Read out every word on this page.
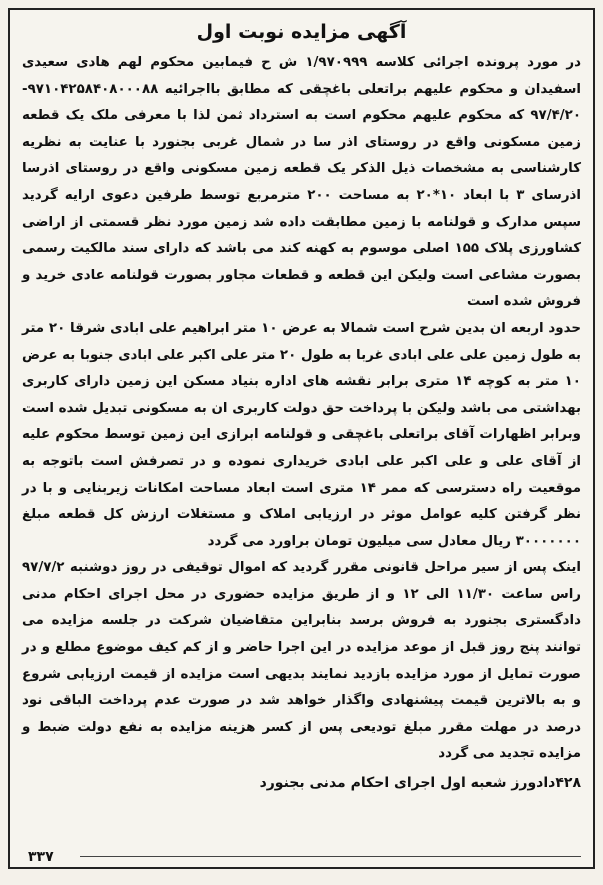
آگهی مزایده نوبت اول

در مورد پرونده اجرائی کلاسه ۱/۹۷۰۹۹۹ ش ح فیمابین محکوم لهم هادی سعیدی اسفیدان و محکوم علیهم براتعلی باغچقی که مطابق بااجرائیه ۹۷۱۰۴۲۵۸۴۰۸۰۰۰۸۸- ۹۷/۴/۲۰ که محکوم علیهم محکوم است به استرداد ثمن لذا با معرفی ملک یک قطعه زمین مسکونی واقع در روستای اذر سا در شمال غربی بجنورد با عنایت به نظریه کارشناسی به مشخصات ذیل الذکر یک قطعه زمین مسکونی واقع در روستای اذرسا اذرسای ۳ با ابعاد ۱۰*۲۰ به مساحت ۲۰۰ مترمربع توسط طرفین دعوی ارایه گردید سپس مدارک و قولنامه با زمین مطابقت داده شد زمین مورد نظر قسمتی از اراضی کشاورزی پلاک ۱۵۵ اصلی موسوم به کهنه کند می باشد که دارای سند مالکیت رسمی بصورت مشاعی است ولیکن این قطعه و قطعات مجاور بصورت قولنامه عادی خرید و فروش شده است

حدود اربعه ان بدین شرح است شمالا به عرض ۱۰ متر ابراهیم علی ابادی شرقا ۲۰ متر به طول زمین علی علی ابادی غربا به طول ۲۰ متر علی اکبر علی ابادی جنوبا به عرض ۱۰ متر به کوچه ۱۴ متری برابر نقشه های اداره بنیاد مسکن این زمین دارای کاربری بهداشتی می باشد ولیکن با پرداخت حق دولت کاربری ان به مسکونی تبدیل شده است وبرابر اظهارات آقای براتعلی باغچقی و قولنامه ابرازی این زمین توسط محکوم علیه از آقای علی و علی اکبر علی ابادی خریداری نموده و در تصرفش است باتوجه به موقعیت راه دسترسی که ممر ۱۴ متری است ابعاد مساحت امکانات زیربنایی و با در نظر گرفتن کلیه عوامل موثر در ارزیابی املاک و مستغلات ارزش کل قطعه مبلغ ۳۰۰۰۰۰۰۰ ریال معادل سی میلیون تومان براورد می گردد

اینک پس از سیر مراحل قانونی مقرر گردید که اموال توقیفی در روز دوشنبه ۹۷/۷/۲ راس ساعت ۱۱/۳۰ الی ۱۲ و از طریق مزایده حضوری در محل اجرای احکام مدنی دادگستری بجنورد به فروش برسد بنابراین متقاضیان شرکت در جلسه مزایده می توانند پنج روز قبل از موعد مزایده در این اجرا حاضر و از کم کیف موضوع مطلع و در صورت تمایل از مورد مزایده بازدید نمایند بدیهی است مزایده از قیمت ارزیابی شروع و به بالاترین قیمت پیشنهادی واگذار خواهد شد در صورت عدم پرداخت الباقی نود درصد در مهلت مقرر مبلغ تودیعی پس از کسر هزینه مزایده به نفع دولت ضبط و مزایده تجدید می گردد

۴۲۸دادورز شعبه اول اجرای احکام مدنی بجنورد
۳۳۷
